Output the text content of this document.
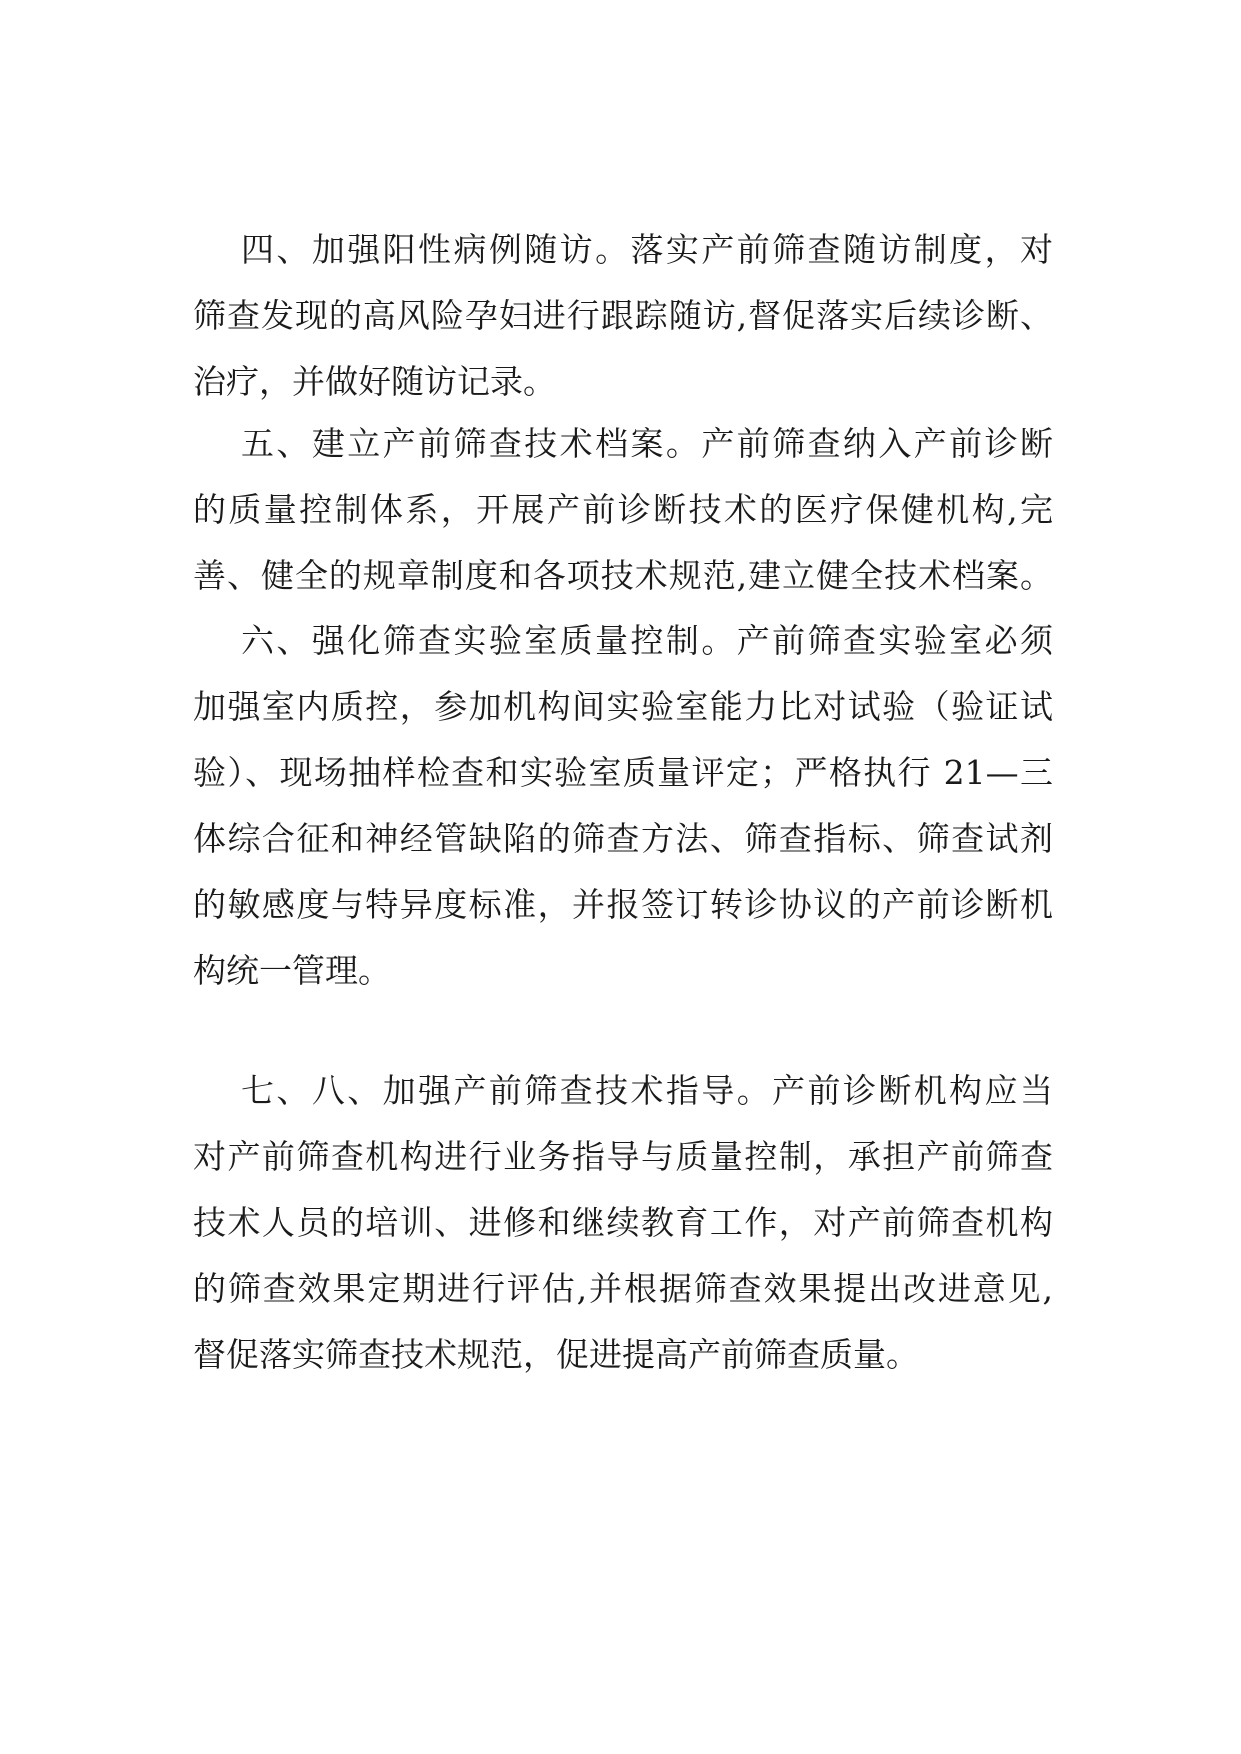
四、加强阳性病例随访。落实产前筛查随访制度，对
筛查发现的高风险孕妇进行跟踪随访,督促落实后续诊断、
治疗，并做好随访记录。
五、建立产前筛查技术档案。产前筛查纳入产前诊断
的质量控制体系，开展产前诊断技术的医疗保健机构,完
善、健全的规章制度和各项技术规范,建立健全技术档案。
六、强化筛查实验室质量控制。产前筛查实验室必须
加强室内质控，参加机构间实验室能力比对试验（验证试
验）、现场抽样检查和实验室质量评定；严格执行 21—三
体综合征和神经管缺陷的筛查方法、筛查指标、筛查试剂
的敏感度与特异度标准，并报签订转诊协议的产前诊断机
构统一管理。
七、八、加强产前筛查技术指导。产前诊断机构应当
对产前筛查机构进行业务指导与质量控制，承担产前筛查
技术人员的培训、进修和继续教育工作，对产前筛查机构
的筛查效果定期进行评估,并根据筛查效果提出改进意见,
督促落实筛查技术规范，促进提高产前筛查质量。
